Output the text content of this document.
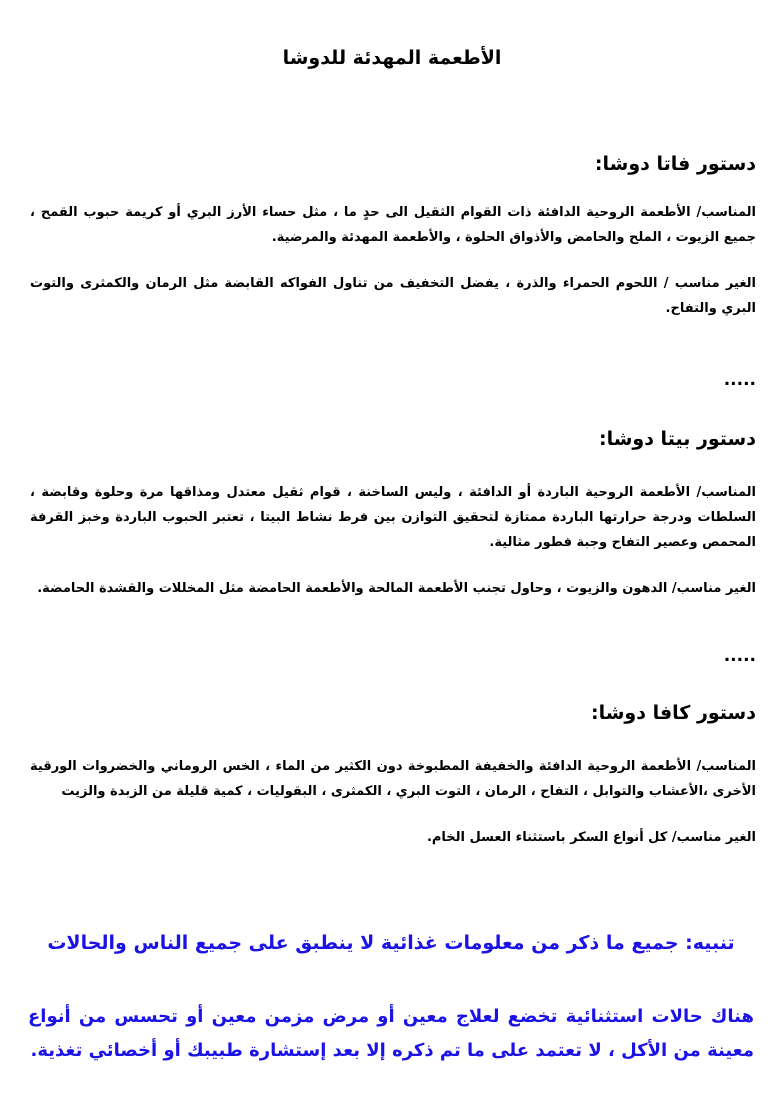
الأطعمة المهدئة للدوشا

دستور فاتا دوشا:

المناسب/ الأطعمة الروحية الدافئة ذات القوام الثقيل الى حدٍ ما ، مثل حساء الأرز البري أو كريمة حبوب القمح ، جميع الزيوت ، الملح والحامض والأذواق الحلوة ، والأطعمة المهدئة والمرضية.

الغير مناسب / اللحوم الحمراء والذرة ، يفضل التخفيف من تناول الفواكه القابضة مثل الرمان والكمثرى والتوت البري والتفاح.

.....

دستور بيتا دوشا:

المناسب/ الأطعمة الروحية الباردة أو الدافئة ، وليس الساخنة ، قوام ثقيل معتدل ومذاقها مرة وحلوة وقابضة ، السلطات ودرجة حرارتها الباردة ممتازة لتحقيق التوازن بين فرط نشاط البيتا ، تعتبر الحبوب الباردة وخبز القرفة المحمص وعصير التفاح وجبة فطور مثالية.

الغير مناسب/ الدهون والزيوت ، وحاول تجنب الأطعمة المالحة والأطعمة الحامضة مثل المخللات والقشدة الحامضة.

.....

دستور كافا دوشا:

المناسب/ الأطعمة الروحية الدافئة والخفيفة المطبوخة دون الكثير من الماء ، الخس الروماني والخضروات الورقية الأخرى ،الأعشاب والتوابل ، التفاح ، الرمان ، التوت البري ، الكمثرى ، البقوليات ، كمية قليلة من الزبدة والزيت

الغير مناسب/ كل أنواع السكر باستثناء العسل الخام.

تنبيه: جميع ما ذكر من معلومات غذائية لا ينطبق على جميع الناس والحالات
هناك حالات استثنائية تخضع لعلاج معين أو مرض مزمن معين أو تحسس من أنواع معينة من الأكل ، لا تعتمد على ما تم ذكره إلا بعد إستشارة طبيبك أو أخصائي تغذية.
